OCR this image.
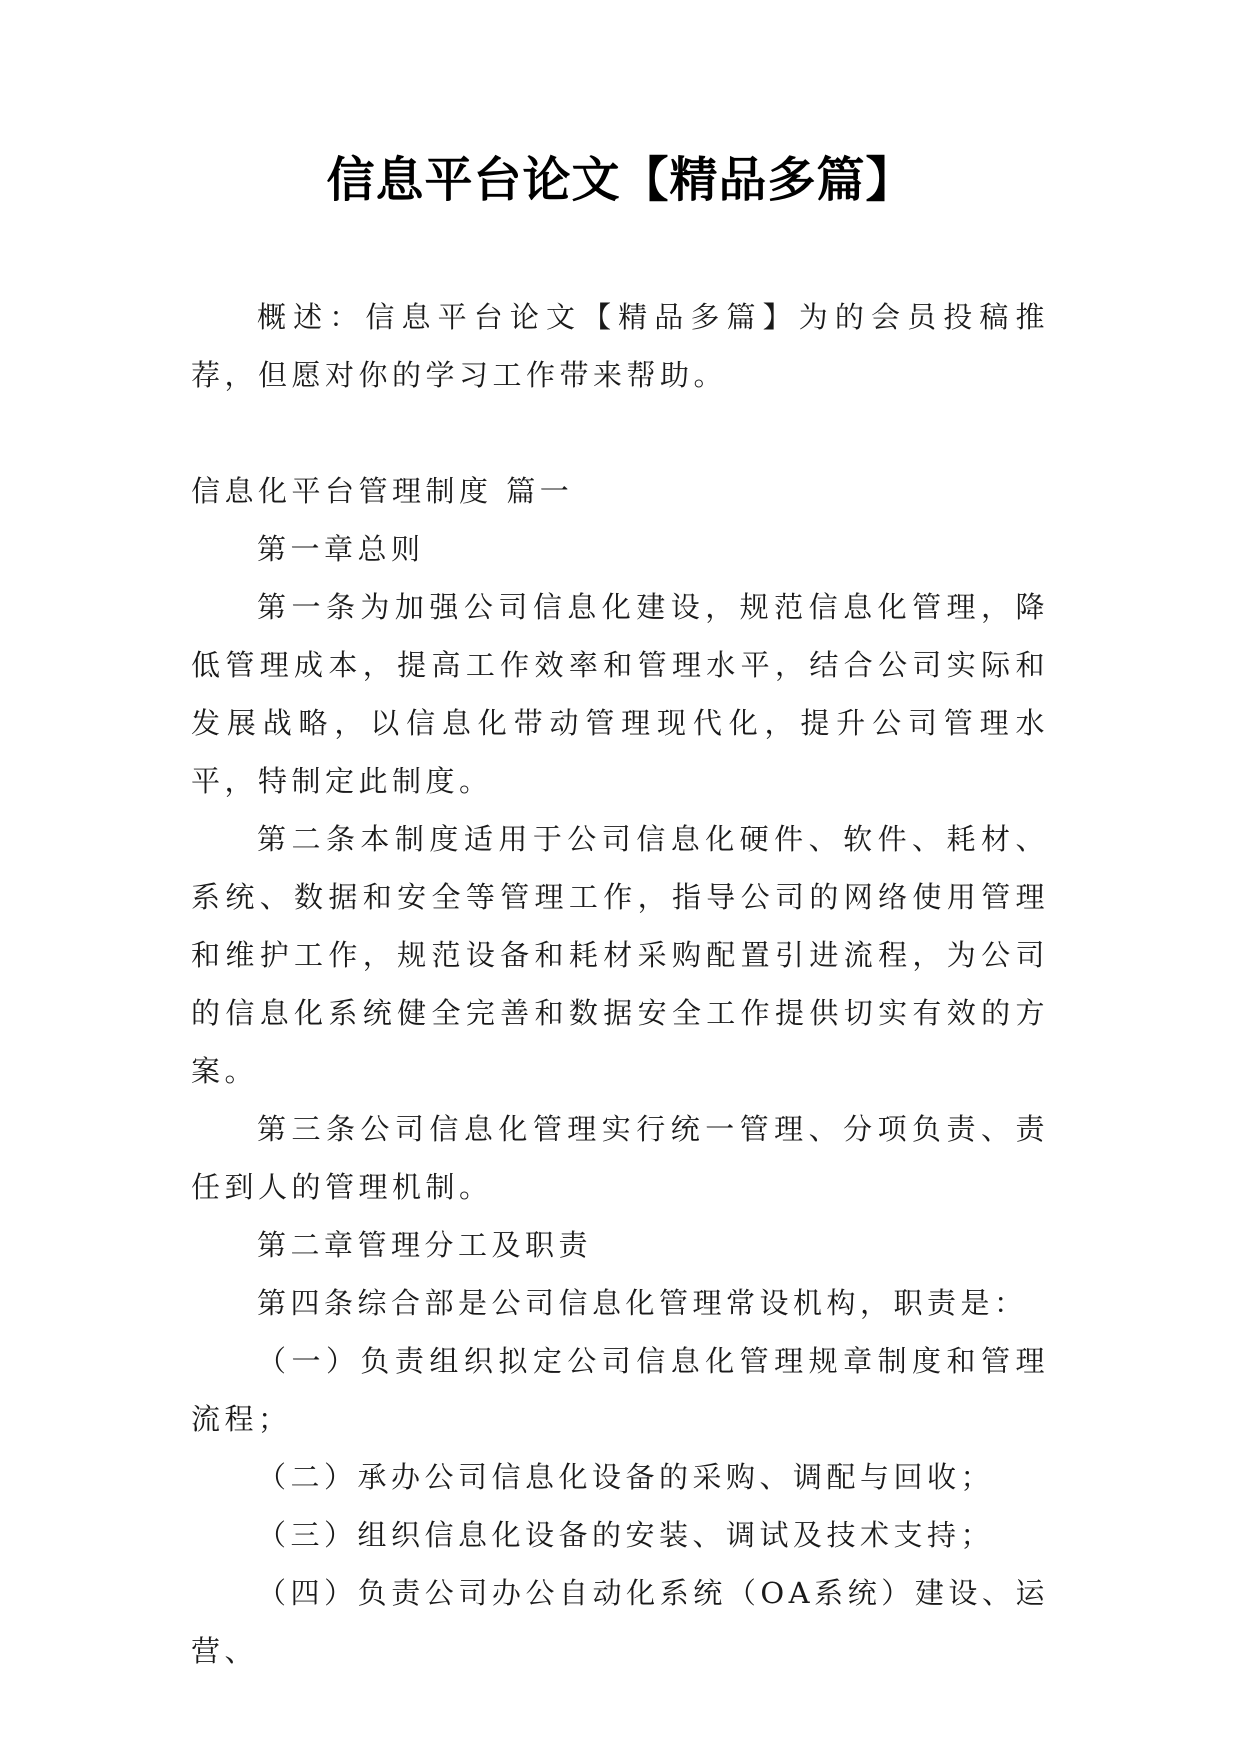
信息平台论文【精品多篇】

概述：信息平台论文【精品多篇】为的会员投稿推荐，但愿对你的学习工作带来帮助。

信息化平台管理制度 篇一

第一章总则

第一条为加强公司信息化建设，规范信息化管理，降低管理成本，提高工作效率和管理水平，结合公司实际和发展战略，以信息化带动管理现代化，提升公司管理水平，特制定此制度。

第二条本制度适用于公司信息化硬件、软件、耗材、系统、数据和安全等管理工作，指导公司的网络使用管理和维护工作，规范设备和耗材采购配置引进流程，为公司的信息化系统健全完善和数据安全工作提供切实有效的方案。

第三条公司信息化管理实行统一管理、分项负责、责任到人的管理机制。

第二章管理分工及职责

第四条综合部是公司信息化管理常设机构，职责是：

（一）负责组织拟定公司信息化管理规章制度和管理流程；

（二）承办公司信息化设备的采购、调配与回收；

（三）组织信息化设备的安装、调试及技术支持；

（四）负责公司办公自动化系统（OA系统）建设、运营、
